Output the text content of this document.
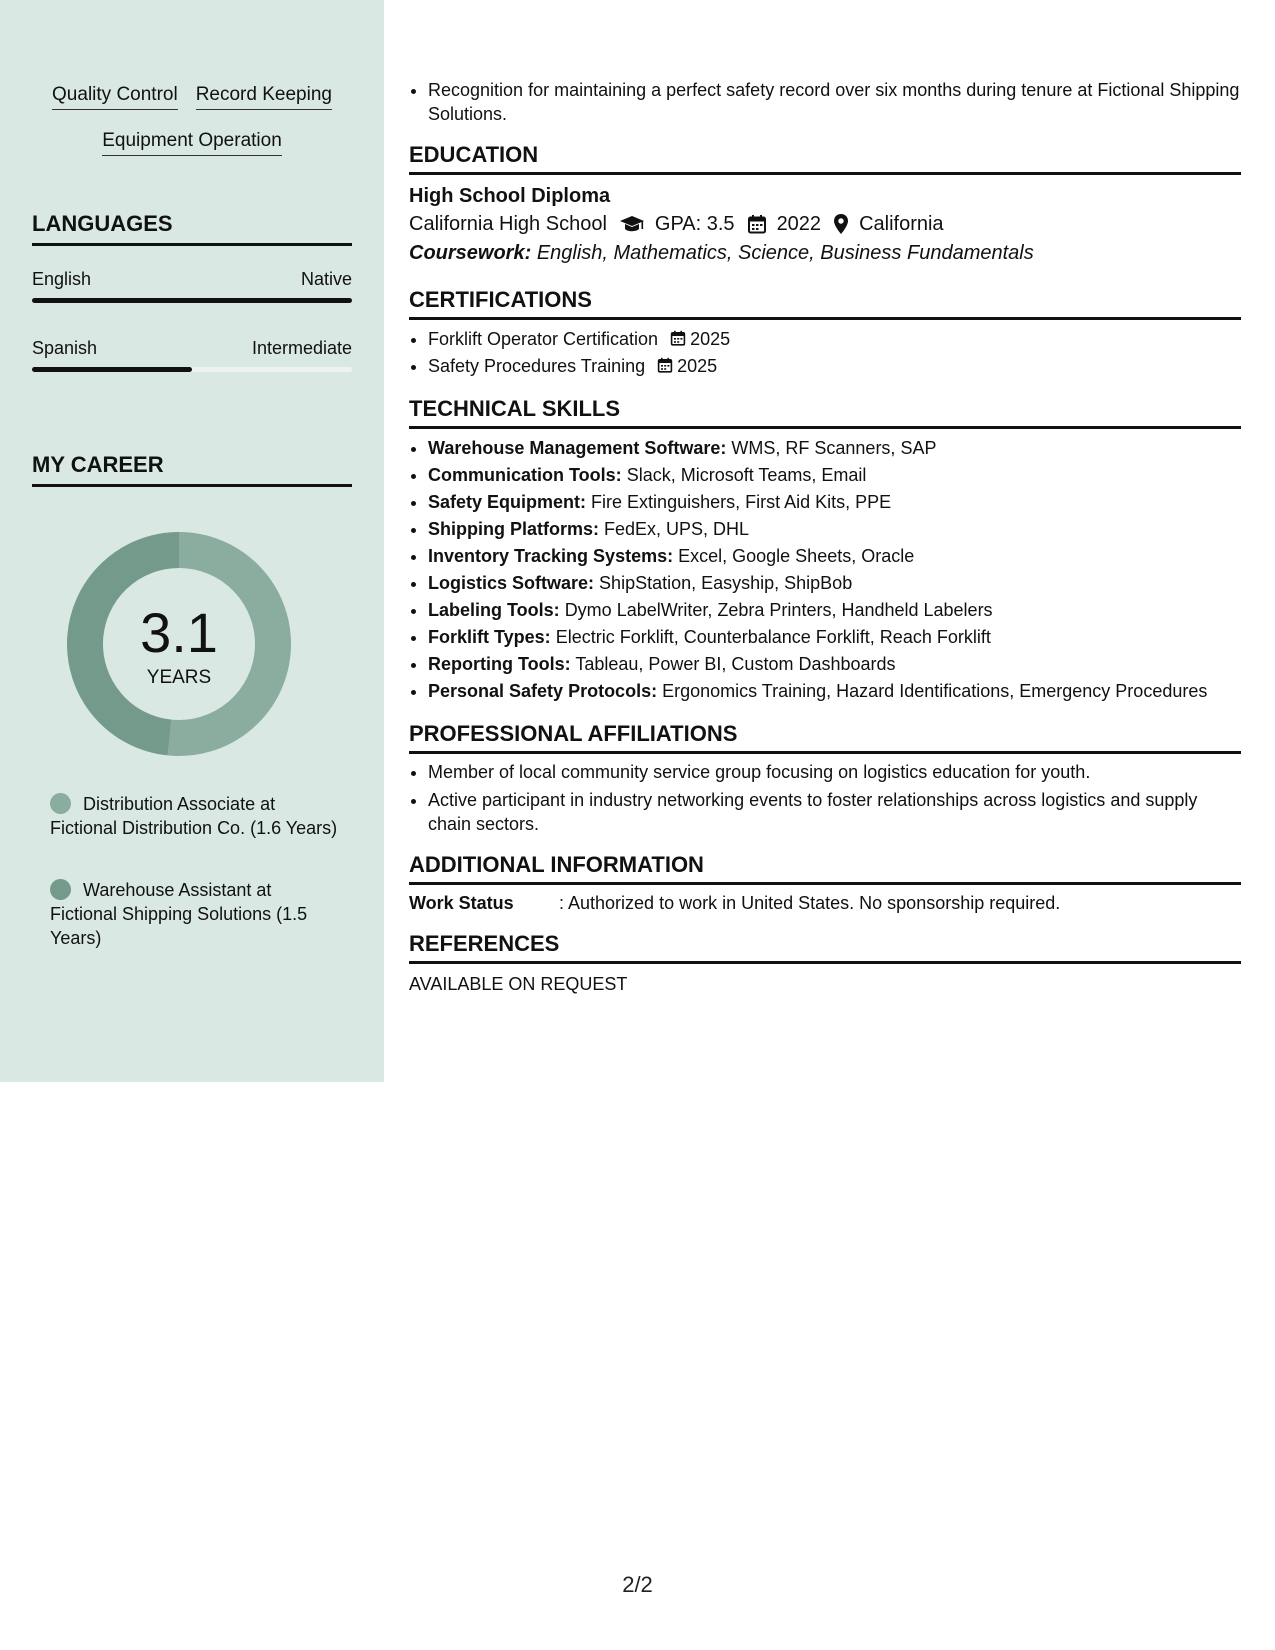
Quality Control Record Keeping
Equipment Operation
LANGUAGES
English	Native
Spanish	Intermediate
MY CAREER
3.1
YEARS
Distribution Associate at Fictional Distribution Co. (1.6 Years)
Warehouse Assistant at Fictional Shipping Solutions (1.5 Years)
• Recognition for maintaining a perfect safety record over six months during tenure at Fictional Shipping Solutions.
EDUCATION
High School Diploma
California High School GPA: 3.5 2022 California
Coursework: English, Mathematics, Science, Business Fundamentals
CERTIFICATIONS
• Forklift Operator Certification 2025
• Safety Procedures Training 2025
TECHNICAL SKILLS
• Warehouse Management Software: WMS, RF Scanners, SAP
• Communication Tools: Slack, Microsoft Teams, Email
• Safety Equipment: Fire Extinguishers, First Aid Kits, PPE
• Shipping Platforms: FedEx, UPS, DHL
• Inventory Tracking Systems: Excel, Google Sheets, Oracle
• Logistics Software: ShipStation, Easyship, ShipBob
• Labeling Tools: Dymo LabelWriter, Zebra Printers, Handheld Labelers
• Forklift Types: Electric Forklift, Counterbalance Forklift, Reach Forklift
• Reporting Tools: Tableau, Power BI, Custom Dashboards
• Personal Safety Protocols: Ergonomics Training, Hazard Identifications, Emergency Procedures
PROFESSIONAL AFFILIATIONS
• Member of local community service group focusing on logistics education for youth.
• Active participant in industry networking events to foster relationships across logistics and supply chain sectors.
ADDITIONAL INFORMATION
Work Status	: Authorized to work in United States. No sponsorship required.
REFERENCES
AVAILABLE ON REQUEST
2/2
